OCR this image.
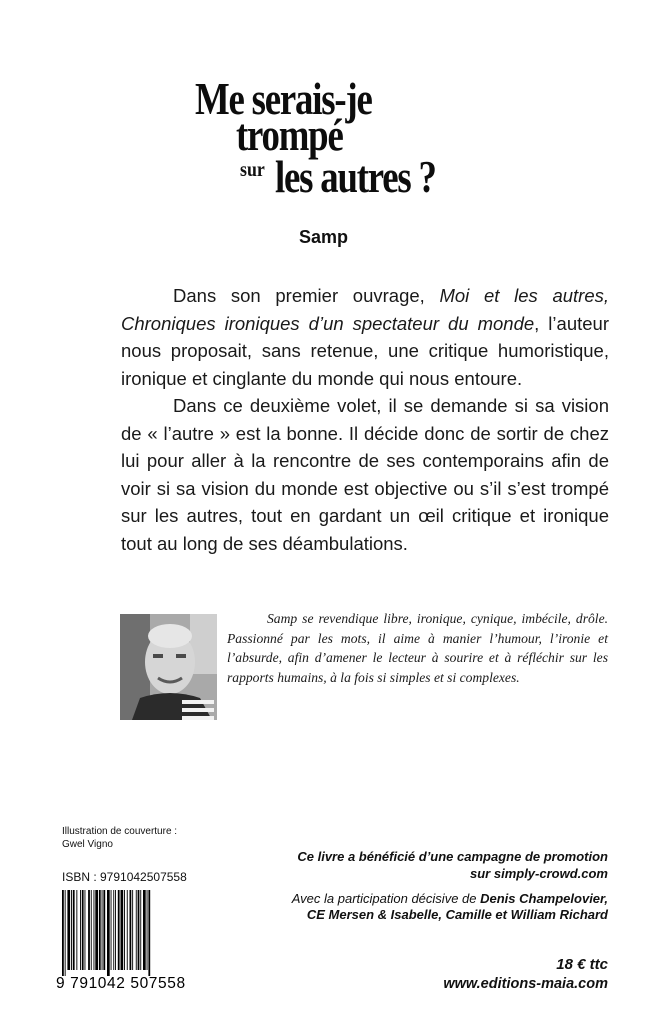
Me serais-je
trompé
sur les autres ?
Samp

Dans son premier ouvrage, Moi et les autres, Chroniques ironiques d’un spectateur du monde, l’auteur nous proposait, sans retenue, une critique humoristique, ironique et cinglante du monde qui nous entoure.

Dans ce deuxième volet, il se demande si sa vision de « l’autre » est la bonne. Il décide donc de sortir de chez lui pour aller à la rencontre de ses contemporains afin de voir si sa vision du monde est objective ou s’il s’est trompé sur les autres, tout en gardant un œil critique et ironique tout au long de ses déambulations.

Samp se revendique libre, ironique, cynique, imbécile, drôle. Passionné par les mots, il aime à manier l’humour, l’ironie et l’absurde, afin d’amener le lecteur à sourire et à réfléchir sur les rapports humains, à la fois si simples et si complexes.

Illustration de couverture :
Gwel Vigno
ISBN : 9791042507558
9 791042 507558
Ce livre a bénéficié d’une campagne de promotion
sur simply-crowd.com
Avec la participation décisive de Denis Champelovier,
CE Mersen & Isabelle, Camille et William Richard
18 € ttc
www.editions-maia.com
